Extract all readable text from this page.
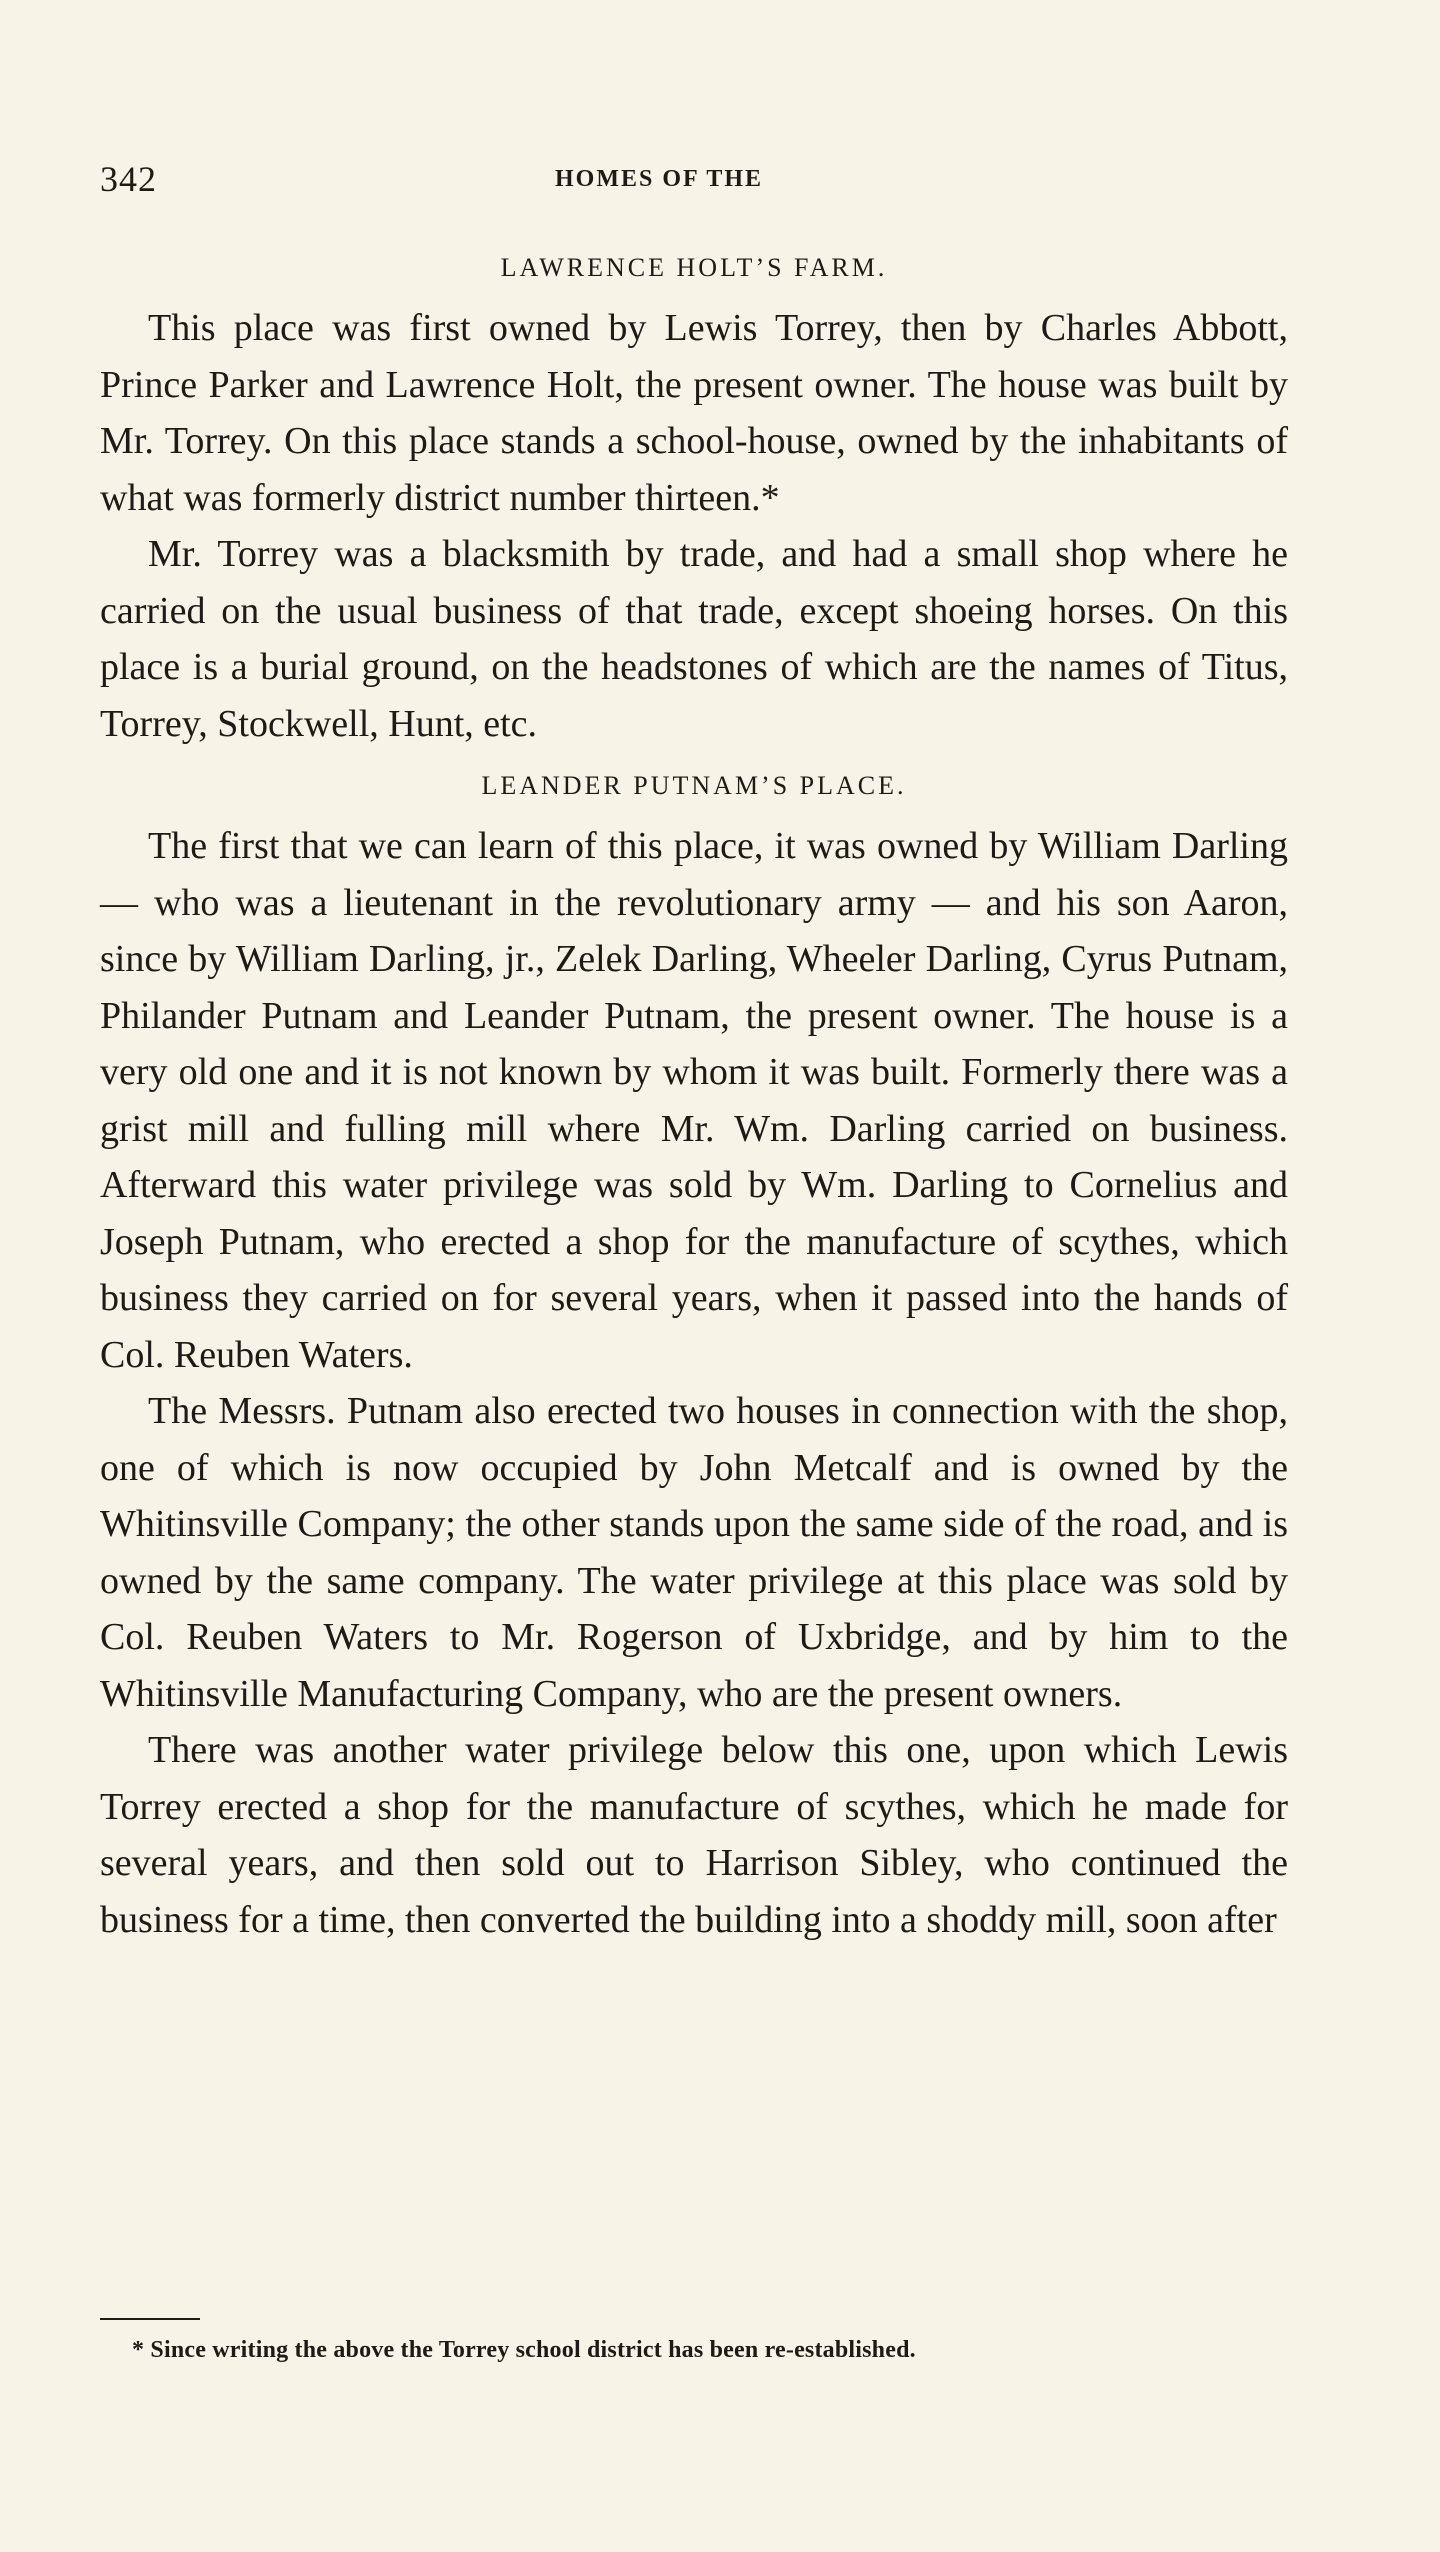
342	HOMES OF THE
LAWRENCE HOLT’S FARM.

This place was first owned by Lewis Torrey, then by Charles Abbott, Prince Parker and Lawrence Holt, the present owner. The house was built by Mr. Torrey. On this place stands a school-house, owned by the inhabitants of what was formerly district number thirteen.*

Mr. Torrey was a blacksmith by trade, and had a small shop where he carried on the usual business of that trade, except shoeing horses. On this place is a burial ground, on the headstones of which are the names of Titus, Torrey, Stockwell, Hunt, etc.

LEANDER PUTNAM’S PLACE.

The first that we can learn of this place, it was owned by William Darling — who was a lieutenant in the revolutionary army — and his son Aaron, since by William Darling, jr., Zelek Darling, Wheeler Darling, Cyrus Putnam, Philander Putnam and Leander Putnam, the present owner. The house is a very old one and it is not known by whom it was built. Formerly there was a grist mill and fulling mill where Mr. Wm. Darling carried on business. Afterward this water privilege was sold by Wm. Darling to Cornelius and Joseph Putnam, who erected a shop for the manufacture of scythes, which business they carried on for several years, when it passed into the hands of Col. Reuben Waters.

The Messrs. Putnam also erected two houses in connection with the shop, one of which is now occupied by John Metcalf and is owned by the Whitinsville Company; the other stands upon the same side of the road, and is owned by the same company. The water privilege at this place was sold by Col. Reuben Waters to Mr. Rogerson of Uxbridge, and by him to the Whitinsville Manufacturing Company, who are the present owners.

There was another water privilege below this one, upon which Lewis Torrey erected a shop for the manufacture of scythes, which he made for several years, and then sold out to Harrison Sibley, who continued the business for a time, then converted the building into a shoddy mill, soon after

* Since writing the above the Torrey school district has been re-established.
